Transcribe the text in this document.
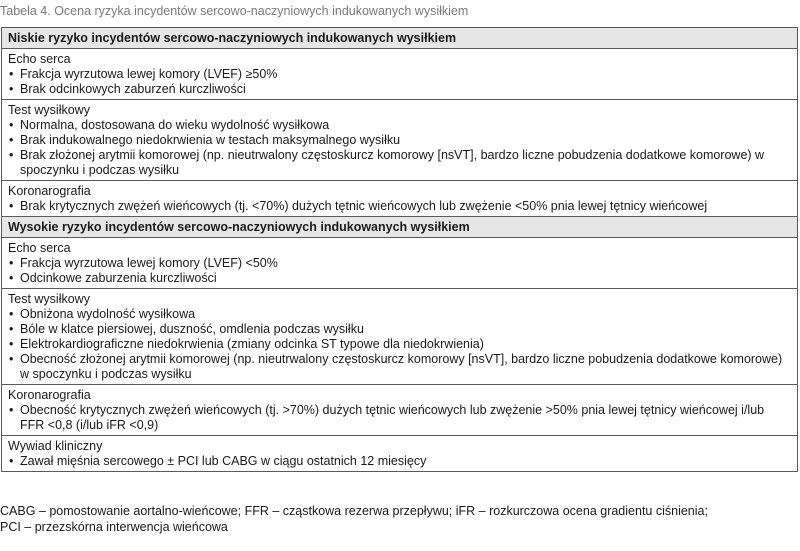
Tabela 4. Ocena ryzyka incydentów sercowo-naczyniowych indukowanych wysiłkiem
Niskie ryzyko incydentów sercowo-naczyniowych indukowanych wysiłkiem
Echo serca
• Frakcja wyrzutowa lewej komory (LVEF) ≥50%
• Brak odcinkowych zaburzeń kurczliwości
Test wysiłkowy
• Normalna, dostosowana do wieku wydolność wysiłkowa
• Brak indukowalnego niedokrwienia w testach maksymalnego wysiłku
• Brak złożonej arytmii komorowej (np. nieutrwalony częstoskurcz komorowy [nsVT], bardzo liczne pobudzenia dodatkowe komorowe) w spoczynku i podczas wysiłku
Koronarografia
• Brak krytycznych zwężeń wieńcowych (tj. <70%) dużych tętnic wieńcowych lub zwężenie <50% pnia lewej tętnicy wieńcowej
Wysokie ryzyko incydentów sercowo-naczyniowych indukowanych wysiłkiem
Echo serca
• Frakcja wyrzutowa lewej komory (LVEF) <50%
• Odcinkowe zaburzenia kurczliwości
Test wysiłkowy
• Obniżona wydolność wysiłkowa
• Bóle w klatce piersiowej, duszność, omdlenia podczas wysiłku
• Elektrokardiograficzne niedokrwienia (zmiany odcinka ST typowe dla niedokrwienia)
• Obecność złożonej arytmii komorowej (np. nieutrwalony częstoskurcz komorowy [nsVT], bardzo liczne pobudzenia dodatkowe komorowe) w spoczynku i podczas wysiłku
Koronarografia
• Obecność krytycznych zwężeń wieńcowych (tj. >70%) dużych tętnic wieńcowych lub zwężenie >50% pnia lewej tętnicy wieńcowej i/lub FFR <0,8 (i/lub iFR <0,9)
Wywiad kliniczny
• Zawał mięśnia sercowego ± PCI lub CABG w ciągu ostatnich 12 miesięcy
CABG – pomostowanie aortalno-wieńcowe; FFR – cząstkowa rezerwa przepływu; iFR – rozkurczowa ocena gradientu ciśnienia;
PCI – przezskórna interwencja wieńcowa
